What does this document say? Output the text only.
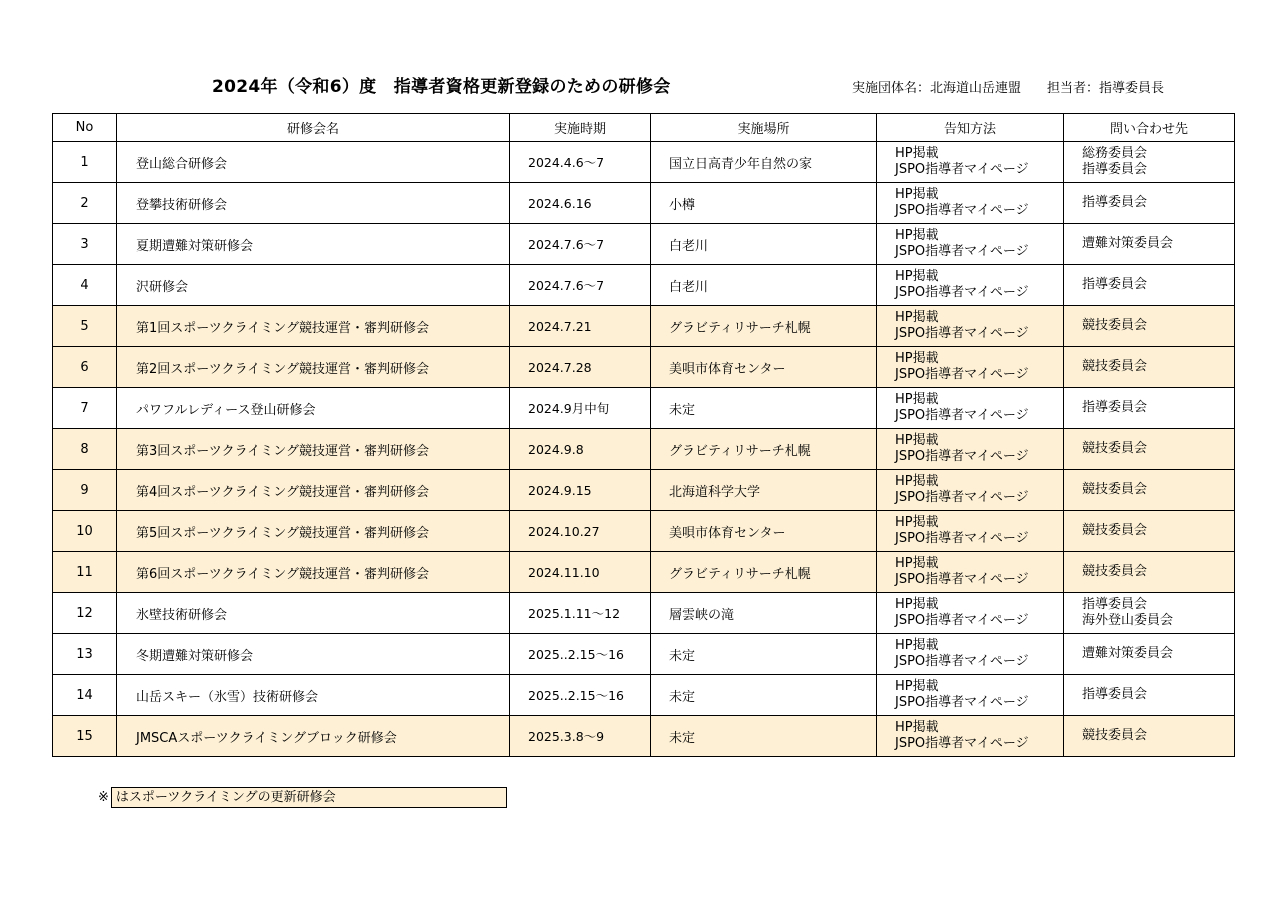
2024年（令和6）度　指導者資格更新登録のための研修会	実施団体名：北海道山岳連盟 担当者：指導委員長
No	研修会名	実施時期	実施場所	告知方法	問い合わせ先
1	登山総合研修会	2024.4.6～7	国立日高青少年自然の家	HP掲載
JSPO指導者マイページ	総務委員会
指導委員会

2	登攀技術研修会	2024.6.16	小樽	HP掲載
JSPO指導者マイページ	指導委員会

3	夏期遭難対策研修会	2024.7.6～7	白老川	HP掲載
JSPO指導者マイページ	遭難対策委員会

4	沢研修会	2024.7.6～7	白老川	HP掲載
JSPO指導者マイページ	指導委員会

5	第1回スポーツクライミング競技運営・審判研修会	2024.7.21	グラビティリサーチ札幌	HP掲載
JSPO指導者マイページ	競技委員会

6	第2回スポーツクライミング競技運営・審判研修会	2024.7.28	美唄市体育センター	HP掲載
JSPO指導者マイページ	競技委員会

7	パワフルレディース登山研修会	2024.9月中旬	未定	HP掲載
JSPO指導者マイページ	指導委員会

8	第3回スポーツクライミング競技運営・審判研修会	2024.9.8	グラビティリサーチ札幌	HP掲載
JSPO指導者マイページ	競技委員会

9	第4回スポーツクライミング競技運営・審判研修会	2024.9.15	北海道科学大学	HP掲載
JSPO指導者マイページ	競技委員会

10	第5回スポーツクライミング競技運営・審判研修会	2024.10.27	美唄市体育センター	HP掲載
JSPO指導者マイページ	競技委員会

11	第6回スポーツクライミング競技運営・審判研修会	2024.11.10	グラビティリサーチ札幌	HP掲載
JSPO指導者マイページ	競技委員会

12	氷壁技術研修会	2025.1.11～12	層雲峡の滝	HP掲載
JSPO指導者マイページ	指導委員会
海外登山委員会

13	冬期遭難対策研修会	2025..2.15～16	未定	HP掲載
JSPO指導者マイページ	遭難対策委員会

14	山岳スキー（氷雪）技術研修会	2025..2.15～16	未定	HP掲載
JSPO指導者マイページ	指導委員会

15	JMSCAスポーツクライミングブロック研修会	2025.3.8～9	未定	HP掲載
JSPO指導者マイページ	競技委員会
※ はスポーツクライミングの更新研修会
